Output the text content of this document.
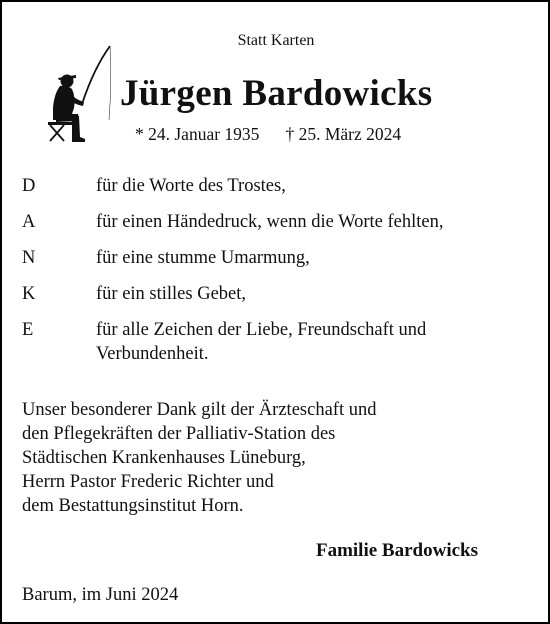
Statt Karten
Jürgen Bardowicks
* 24. Januar 1935 † 25. März 2024
D	für die Worte des Trostes,
A	für einen Händedruck, wenn die Worte fehlten,
N	für eine stumme Umarmung,
K	für ein stilles Gebet,
E	für alle Zeichen der Liebe, Freundschaft und Verbundenheit.
Unser besonderer Dank gilt der Ärzteschaft und
den Pflegekräften der Palliativ-Station des
Städtischen Krankenhauses Lüneburg,
Herrn Pastor Frederic Richter und
dem Bestattungsinstitut Horn.
Familie Bardowicks
Barum, im Juni 2024
